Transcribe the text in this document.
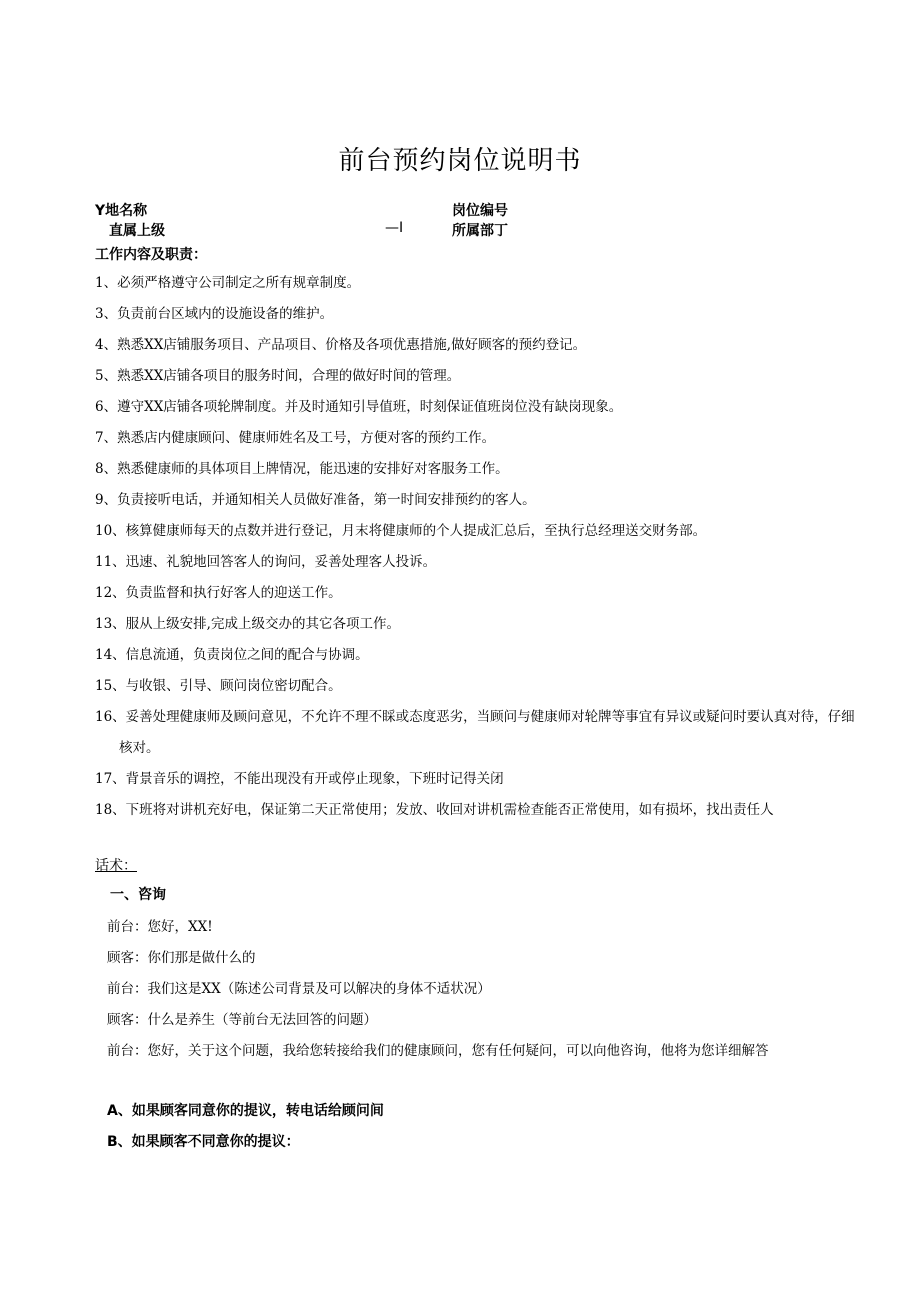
前台预约岗位说明书
Y地名称	岗位编号
直属上级	—I	所属部丁
工作内容及职责：
1、必须严格遵守公司制定之所有规章制度。
3、负责前台区域内的设施设备的维护。
4、熟悉XX店铺服务项目、产品项目、价格及各项优惠措施,做好顾客的预约登记。
5、熟悉XX店铺各项目的服务时间，合理的做好时间的管理。
6、遵守XX店铺各项轮牌制度。并及时通知引导值班，时刻保证值班岗位没有缺岗现象。
7、熟悉店内健康顾问、健康师姓名及工号，方便对客的预约工作。
8、熟悉健康师的具体项目上牌情况，能迅速的安排好对客服务工作。
9、负责接听电话，并通知相关人员做好准备，第一时间安排预约的客人。
10、核算健康师每天的点数并进行登记，月末将健康师的个人提成汇总后，至执行总经理送交财务部。
11、迅速、礼貌地回答客人的询问，妥善处理客人投诉。
12、负责监督和执行好客人的迎送工作。
13、服从上级安排,完成上级交办的其它各项工作。
14、信息流通，负责岗位之间的配合与协调。
15、与收银、引导、顾问岗位密切配合。
16、妥善处理健康师及顾问意见，不允许不理不睬或态度恶劣，当顾问与健康师对轮牌等事宜有异议或疑问时要认真对待，仔细核对。
17、背景音乐的调控，不能出现没有开或停止现象，下班时记得关闭
18、下班将对讲机充好电，保证第二天正常使用；发放、收回对讲机需检查能否正常使用，如有损坏，找出责任人
话术：
一、咨询
前台：您好，XX!
顾客：你们那是做什么的
前台：我们这是XX（陈述公司背景及可以解决的身体不适状况）
顾客：什么是养生（等前台无法回答的问题）
前台：您好，关于这个问题，我给您转接给我们的健康顾问，您有任何疑问，可以向他咨询，他将为您详细解答
A、如果顾客同意你的提议，转电话给顾问间
B、如果顾客不同意你的提议：
